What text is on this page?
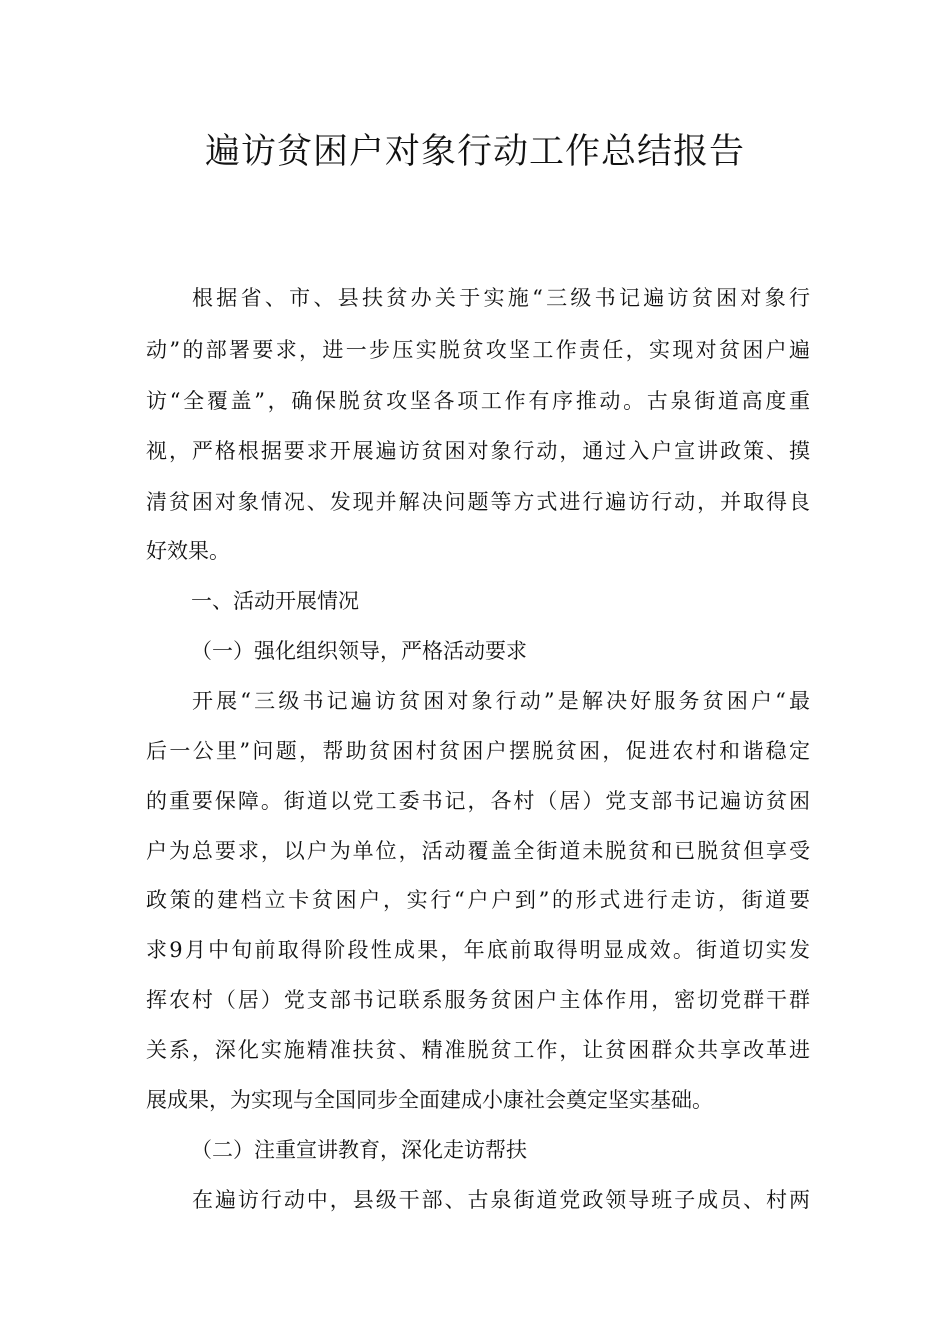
遍访贫困户对象行动工作总结报告
根据省、市、县扶贫办关于实施“三级书记遍访贫困对象行
动”的部署要求，进一步压实脱贫攻坚工作责任，实现对贫困户遍
访“全覆盖”，确保脱贫攻坚各项工作有序推动。古泉街道高度重
视，严格根据要求开展遍访贫困对象行动，通过入户宣讲政策、摸
清贫困对象情况、发现并解决问题等方式进行遍访行动，并取得良
好效果。
一、活动开展情况
（一）强化组织领导，严格活动要求
开展“三级书记遍访贫困对象行动”是解决好服务贫困户“最
后一公里”问题，帮助贫困村贫困户摆脱贫困，促进农村和谐稳定
的重要保障。街道以党工委书记，各村（居）党支部书记遍访贫困
户为总要求，以户为单位，活动覆盖全街道未脱贫和已脱贫但享受
政策的建档立卡贫困户，实行“户户到”的形式进行走访，街道要
求9月中旬前取得阶段性成果，年底前取得明显成效。街道切实发
挥农村（居）党支部书记联系服务贫困户主体作用，密切党群干群
关系，深化实施精准扶贫、精准脱贫工作，让贫困群众共享改革进
展成果，为实现与全国同步全面建成小康社会奠定坚实基础。
（二）注重宣讲教育，深化走访帮扶
在遍访行动中，县级干部、古泉街道党政领导班子成员、村两
